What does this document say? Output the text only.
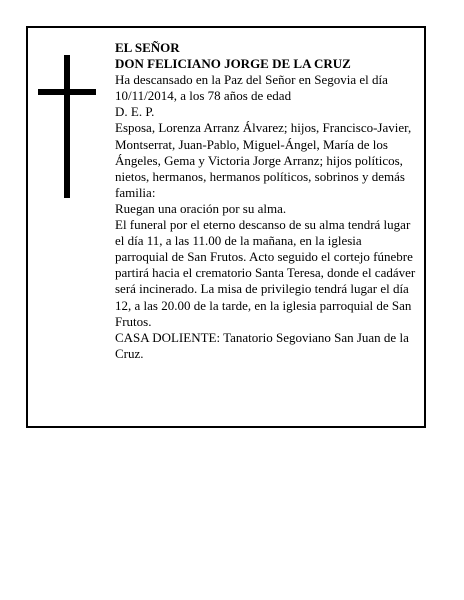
EL SEÑOR

DON FELICIANO JORGE DE LA CRUZ

Ha descansado en la Paz del Señor en Segovia el día 10/11/2014, a los 78 años de edad

D. E. P.

Esposa, Lorenza Arranz Álvarez; hijos, Francisco-Javier, Montserrat, Juan-Pablo, Miguel-Ángel, María de los Ángeles, Gema y Victoria Jorge Arranz; hijos políticos, nietos, hermanos, hermanos políticos, sobrinos y demás familia:

Ruegan una oración por su alma.

El funeral por el eterno descanso de su alma tendrá lugar el día 11, a las 11.00 de la mañana, en la iglesia parroquial de San Frutos. Acto seguido el cortejo fúnebre partirá hacia el crematorio Santa Teresa, donde el cadáver será incinerado. La misa de privilegio tendrá lugar el día 12, a las 20.00 de la tarde, en la iglesia parroquial de San Frutos.

CASA DOLIENTE: Tanatorio Segoviano San Juan de la Cruz.
